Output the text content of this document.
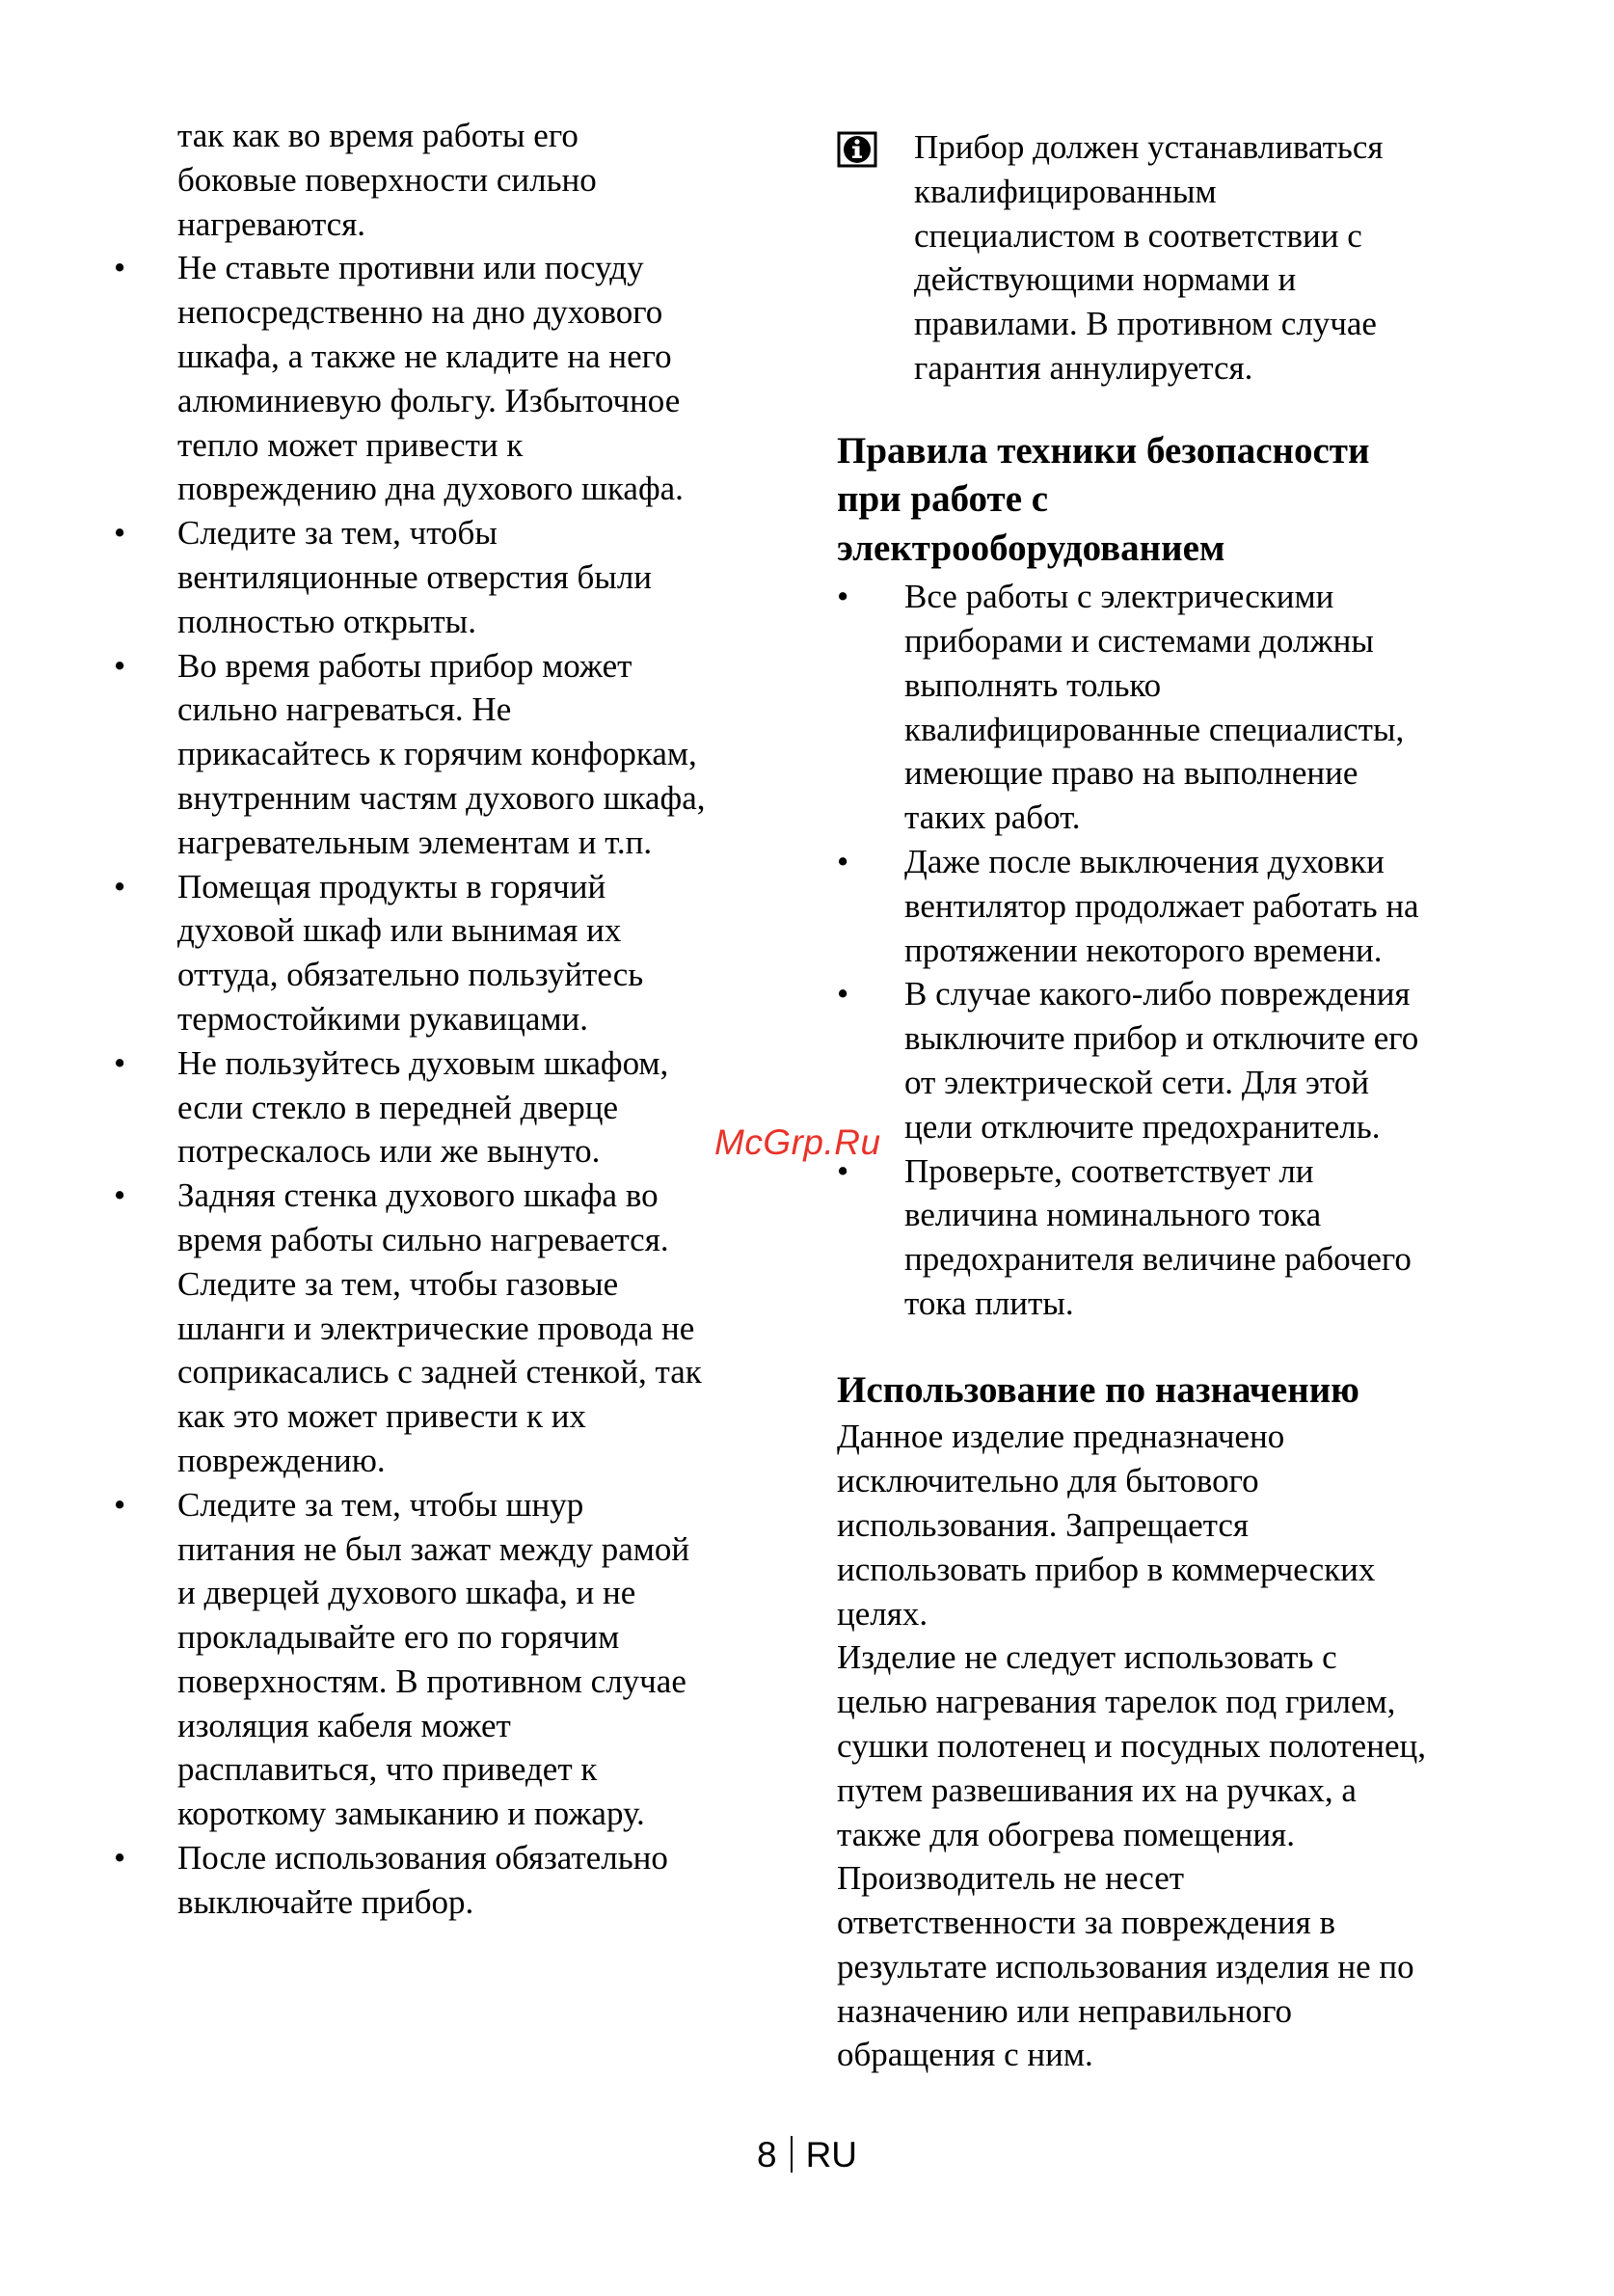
так как во время работы его
боковые поверхности сильно
нагреваются.
• Не ставьте противни или посуду
непосредственно на дно духового
шкафа, а также не кладите на него
алюминиевую фольгу. Избыточное
тепло может привести к
повреждению дна духового шкафа.
• Следите за тем, чтобы
вентиляционные отверстия были
полностью открыты.
• Во время работы прибор может
сильно нагреваться. Не
прикасайтесь к горячим конфоркам,
внутренним частям духового шкафа,
нагревательным элементам и т.п.
• Помещая продукты в горячий
духовой шкаф или вынимая их
оттуда, обязательно пользуйтесь
термостойкими рукавицами.
• Не пользуйтесь духовым шкафом,
если стекло в передней дверце
потрескалось или же вынуто.
• Задняя стенка духового шкафа во
время работы сильно нагревается.
Следите за тем, чтобы газовые
шланги и электрические провода не
соприкасались с задней стенкой, так
как это может привести к их
повреждению.
• Следите за тем, чтобы шнур
питания не был зажат между рамой
и дверцей духового шкафа, и не
прокладывайте его по горячим
поверхностям. В противном случае
изоляция кабеля может
расплавиться, что приведет к
короткому замыканию и пожару.
• После использования обязательно
выключайте прибор.
Прибор должен устанавливаться
квалифицированным
специалистом в соответствии с
действующими нормами и
правилами. В противном случае
гарантия аннулируется.
Правила техники безопасности
при работе с
электрооборудованием
• Все работы с электрическими
приборами и системами должны
выполнять только
квалифицированные специалисты,
имеющие право на выполнение
таких работ.
• Даже после выключения духовки
вентилятор продолжает работать на
протяжении некоторого времени.
• В случае какого-либо повреждения
выключите прибор и отключите его
от электрической сети. Для этой
цели отключите предохранитель.
• Проверьте, соответствует ли
величина номинального тока
предохранителя величине рабочего
тока плиты.
Использование по назначению
Данное изделие предназначено
исключительно для бытового
использования. Запрещается
использовать прибор в коммерческих
целях.
Изделие не следует использовать с
целью нагревания тарелок под грилем,
сушки полотенец и посудных полотенец,
путем развешивания их на ручках, а
также для обогрева помещения.
Производитель не несет
ответственности за повреждения в
результате использования изделия не по
назначению или неправильного
обращения с ним.
McGrp.Ru
8 RU
